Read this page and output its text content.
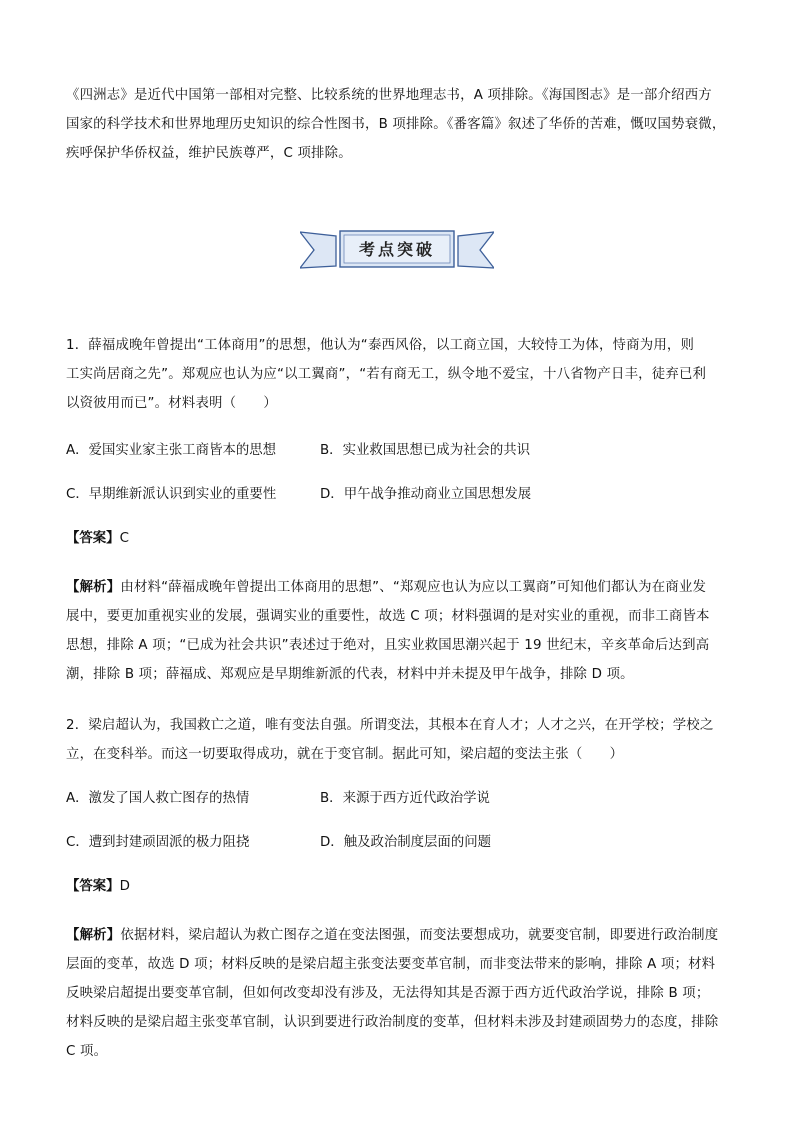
《四洲志》是近代中国第一部相对完整、比较系统的世界地理志书，A 项排除。《海国图志》是一部介绍西方
国家的科学技术和世界地理历史知识的综合性图书，B 项排除。《番客篇》叙述了华侨的苦难，慨叹国势衰微，
疾呼保护华侨权益，维护民族尊严，C 项排除。
考点突破
1．薛福成晚年曾提出“工体商用”的思想，他认为“泰西风俗，以工商立国，大较恃工为体，恃商为用，则
工实尚居商之先”。郑观应也认为应“以工翼商”，“若有商无工，纵令地不爱宝，十八省物产日丰，徒弃已利
以资彼用而已”。材料表明（　　）
A．爱国实业家主张工商皆本的思想	B．实业救国思想已成为社会的共识
C．早期维新派认识到实业的重要性	D．甲午战争推动商业立国思想发展
【答案】C
【解析】由材料“薛福成晚年曾提出工体商用的思想”、“郑观应也认为应以工翼商”可知他们都认为在商业发
展中，要更加重视实业的发展，强调实业的重要性，故选 C 项；材料强调的是对实业的重视，而非工商皆本
思想，排除 A 项；“已成为社会共识”表述过于绝对，且实业救国思潮兴起于 19 世纪末，辛亥革命后达到高
潮，排除 B 项；薛福成、郑观应是早期维新派的代表，材料中并未提及甲午战争，排除 D 项。
2．梁启超认为，我国救亡之道，唯有变法自强。所谓变法，其根本在育人才；人才之兴，在开学校；学校之
立，在变科举。而这一切要取得成功，就在于变官制。据此可知，梁启超的变法主张（　　）
A．激发了国人救亡图存的热情	B．来源于西方近代政治学说
C．遭到封建顽固派的极力阻挠	D．触及政治制度层面的问题
【答案】D
【解析】依据材料，梁启超认为救亡图存之道在变法图强，而变法要想成功，就要变官制，即要进行政治制度
层面的变革，故选 D 项；材料反映的是梁启超主张变法要变革官制，而非变法带来的影响，排除 A 项；材料
反映梁启超提出要变革官制，但如何改变却没有涉及，无法得知其是否源于西方近代政治学说，排除 B 项；
材料反映的是梁启超主张变革官制，认识到要进行政治制度的变革，但材料未涉及封建顽固势力的态度，排除
C 项。
